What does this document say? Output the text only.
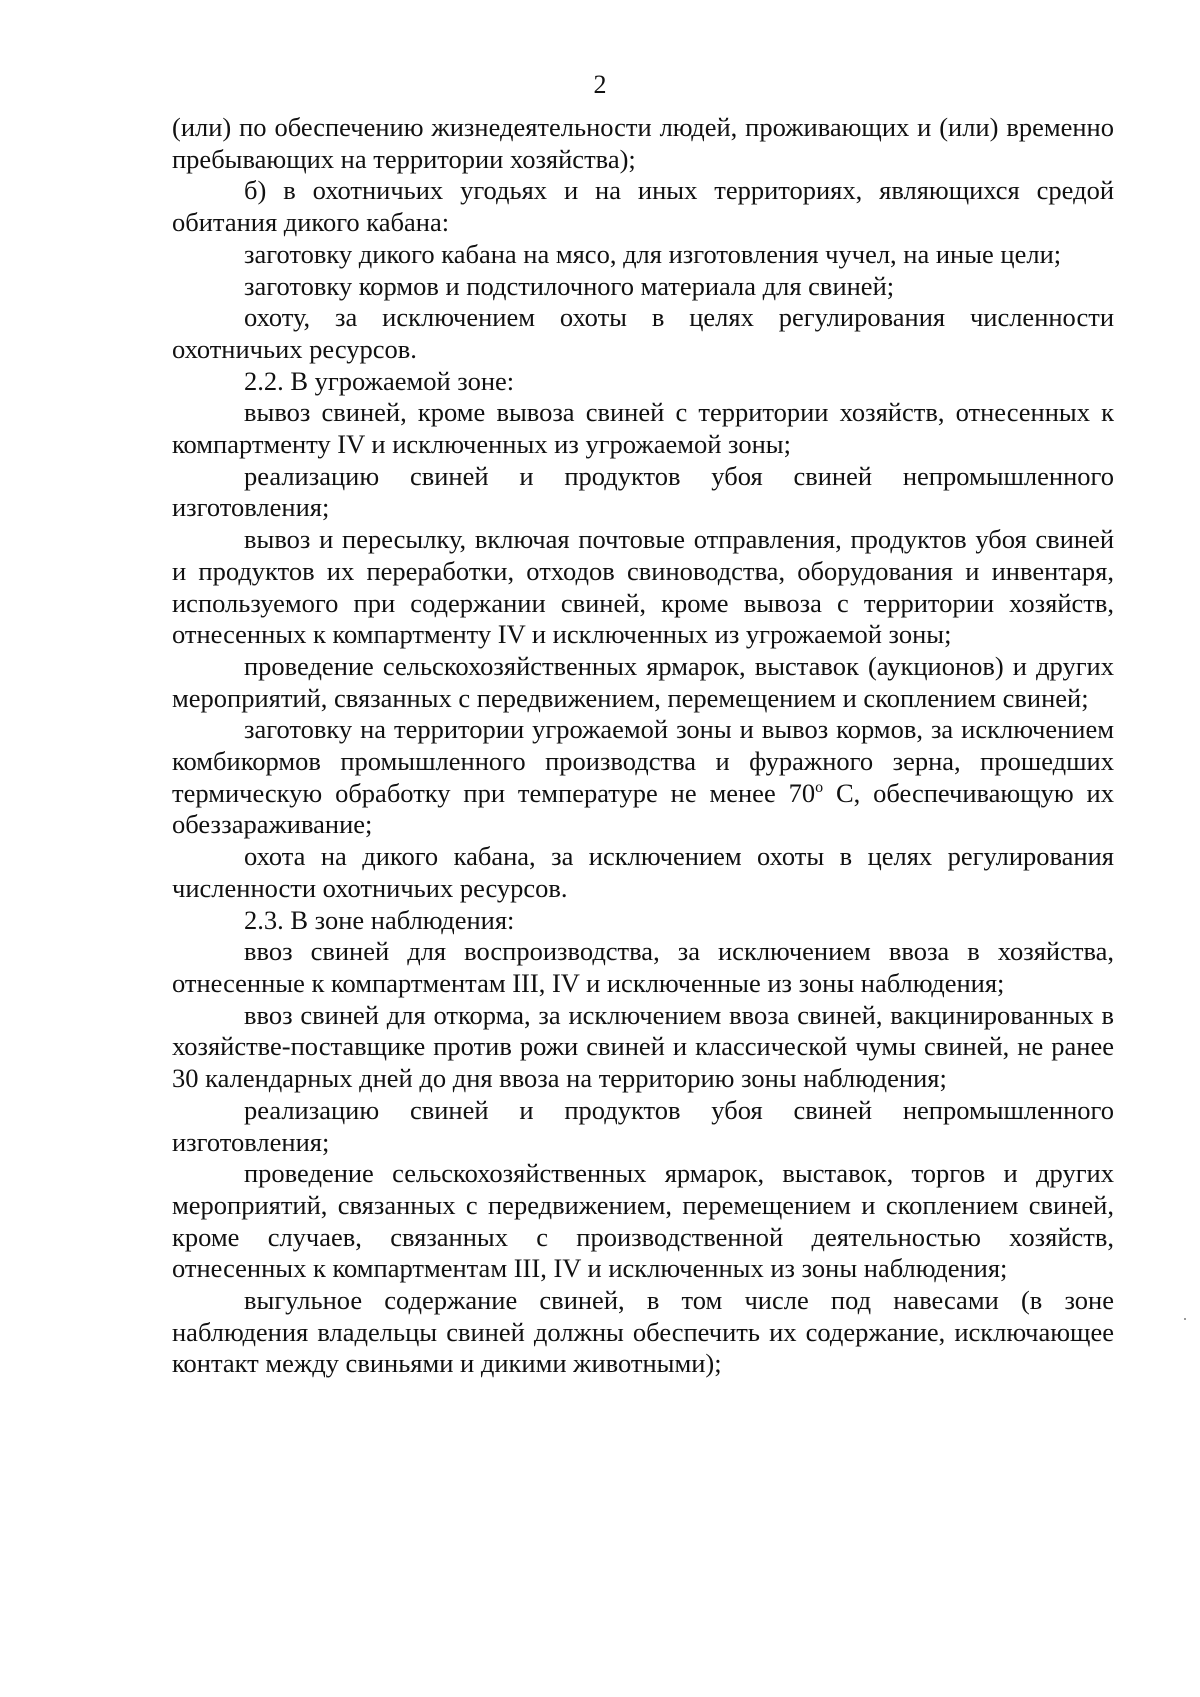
2

(или) по обеспечению жизнедеятельности людей, проживающих и (или) временно пребывающих на территории хозяйства);

б) в охотничьих угодьях и на иных территориях, являющихся средой обитания дикого кабана:

заготовку дикого кабана на мясо, для изготовления чучел, на иные цели;

заготовку кормов и подстилочного материала для свиней;

охоту, за исключением охоты в целях регулирования численности охотничьих ресурсов.

2.2. В угрожаемой зоне:

вывоз свиней, кроме вывоза свиней с территории хозяйств, отнесенных к компартменту IV и исключенных из угрожаемой зоны;

реализацию свиней и продуктов убоя свиней непромышленного изготовления;

вывоз и пересылку, включая почтовые отправления, продуктов убоя свиней и продуктов их переработки, отходов свиноводства, оборудования и инвентаря, используемого при содержании свиней, кроме вывоза с территории хозяйств, отнесенных к компартменту IV и исключенных из угрожаемой зоны;

проведение сельскохозяйственных ярмарок, выставок (аукционов) и других мероприятий, связанных с передвижением, перемещением и скоплением свиней;

заготовку на территории угрожаемой зоны и вывоз кормов, за исключением комбикормов промышленного производства и фуражного зерна, прошедших термическую обработку при температуре не менее $70^о$ С, обеспечивающую их обеззараживание;

охота на дикого кабана, за исключением охоты в целях регулирования численности охотничьих ресурсов.

2.3. В зоне наблюдения:

ввоз свиней для воспроизводства, за исключением ввоза в хозяйства, отнесенные к компартментам III, IV и исключенные из зоны наблюдения;

ввоз свиней для откорма, за исключением ввоза свиней, вакцинированных в хозяйстве-поставщике против рожи свиней и классической чумы свиней, не ранее 30 календарных дней до дня ввоза на территорию зоны наблюдения;

реализацию свиней и продуктов убоя свиней непромышленного изготовления;

проведение сельскохозяйственных ярмарок, выставок, торгов и других мероприятий, связанных с передвижением, перемещением и скоплением свиней, кроме случаев, связанных с производственной деятельностью хозяйств, отнесенных к компартментам III, IV и исключенных из зоны наблюдения;

выгульное содержание свиней, в том числе под навесами (в зоне наблюдения владельцы свиней должны обеспечить их содержание, исключающее контакт между свиньями и дикими животными);
